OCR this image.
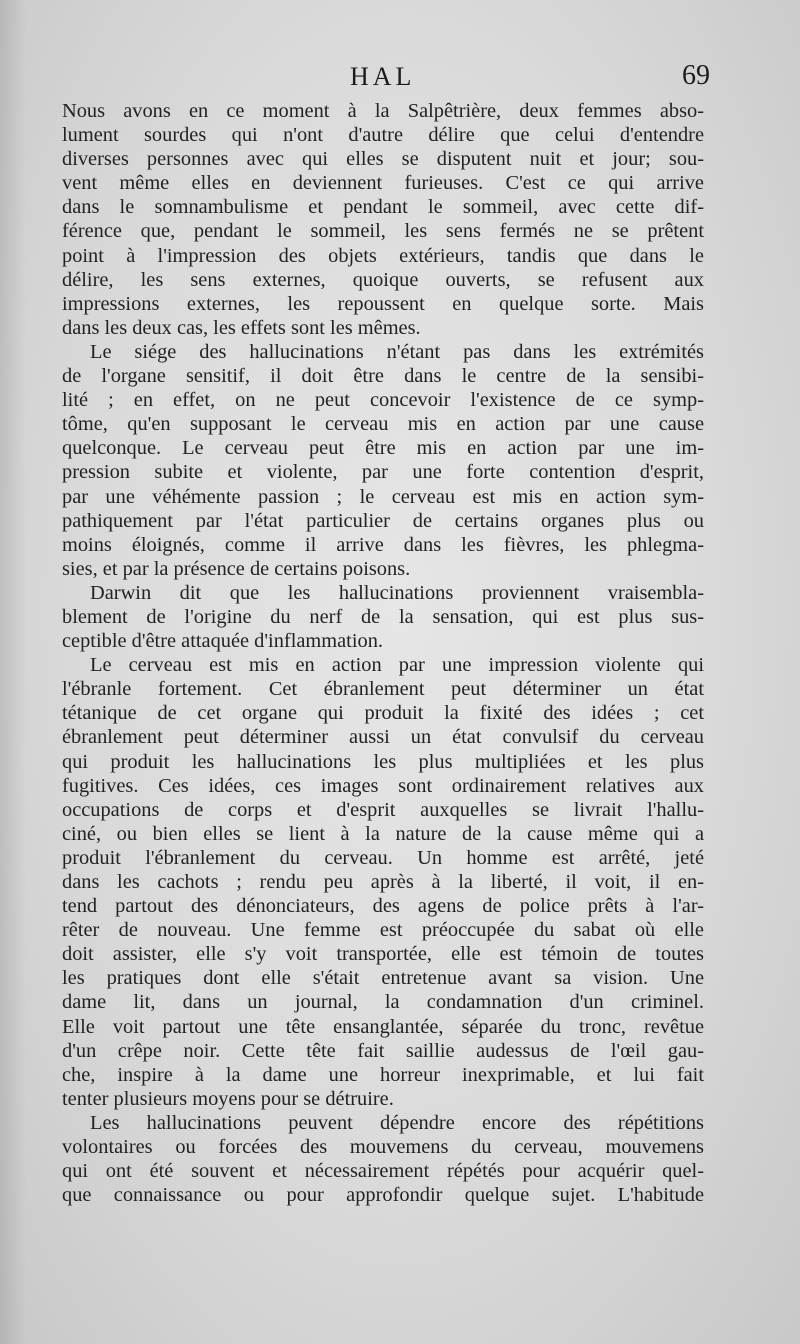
HAL	69
Nous avons en ce moment à la Salpêtrière, deux femmes abso-
lument sourdes qui n'ont d'autre délire que celui d'entendre
diverses personnes avec qui elles se disputent nuit et jour; sou-
vent même elles en deviennent furieuses. C'est ce qui arrive
dans le somnambulisme et pendant le sommeil, avec cette dif-
férence que, pendant le sommeil, les sens fermés ne se prêtent
point à l'impression des objets extérieurs, tandis que dans le
délire, les sens externes, quoique ouverts, se refusent aux
impressions externes, les repoussent en quelque sorte. Mais
dans les deux cas, les effets sont les mêmes.
Le siége des hallucinations n'étant pas dans les extrémités
de l'organe sensitif, il doit être dans le centre de la sensibi-
lité ; en effet, on ne peut concevoir l'existence de ce symp-
tôme, qu'en supposant le cerveau mis en action par une cause
quelconque. Le cerveau peut être mis en action par une im-
pression subite et violente, par une forte contention d'esprit,
par une véhémente passion ; le cerveau est mis en action sym-
pathiquement par l'état particulier de certains organes plus ou
moins éloignés, comme il arrive dans les fièvres, les phlegma-
sies, et par la présence de certains poisons.
Darwin dit que les hallucinations proviennent vraisembla-
blement de l'origine du nerf de la sensation, qui est plus sus-
ceptible d'être attaquée d'inflammation.
Le cerveau est mis en action par une impression violente qui
l'ébranle fortement. Cet ébranlement peut déterminer un état
tétanique de cet organe qui produit la fixité des idées ; cet
ébranlement peut déterminer aussi un état convulsif du cerveau
qui produit les hallucinations les plus multipliées et les plus
fugitives. Ces idées, ces images sont ordinairement relatives aux
occupations de corps et d'esprit auxquelles se livrait l'hallu-
ciné, ou bien elles se lient à la nature de la cause même qui a
produit l'ébranlement du cerveau. Un homme est arrêté, jeté
dans les cachots ; rendu peu après à la liberté, il voit, il en-
tend partout des dénonciateurs, des agens de police prêts à l'ar-
rêter de nouveau. Une femme est préoccupée du sabat où elle
doit assister, elle s'y voit transportée, elle est témoin de toutes
les pratiques dont elle s'était entretenue avant sa vision. Une
dame lit, dans un journal, la condamnation d'un criminel.
Elle voit partout une tête ensanglantée, séparée du tronc, revêtue
d'un crêpe noir. Cette tête fait saillie audessus de l'œil gau-
che, inspire à la dame une horreur inexprimable, et lui fait
tenter plusieurs moyens pour se détruire.
Les hallucinations peuvent dépendre encore des répétitions
volontaires ou forcées des mouvemens du cerveau, mouvemens
qui ont été souvent et nécessairement répétés pour acquérir quel-
que connaissance ou pour approfondir quelque sujet. L'habitude
